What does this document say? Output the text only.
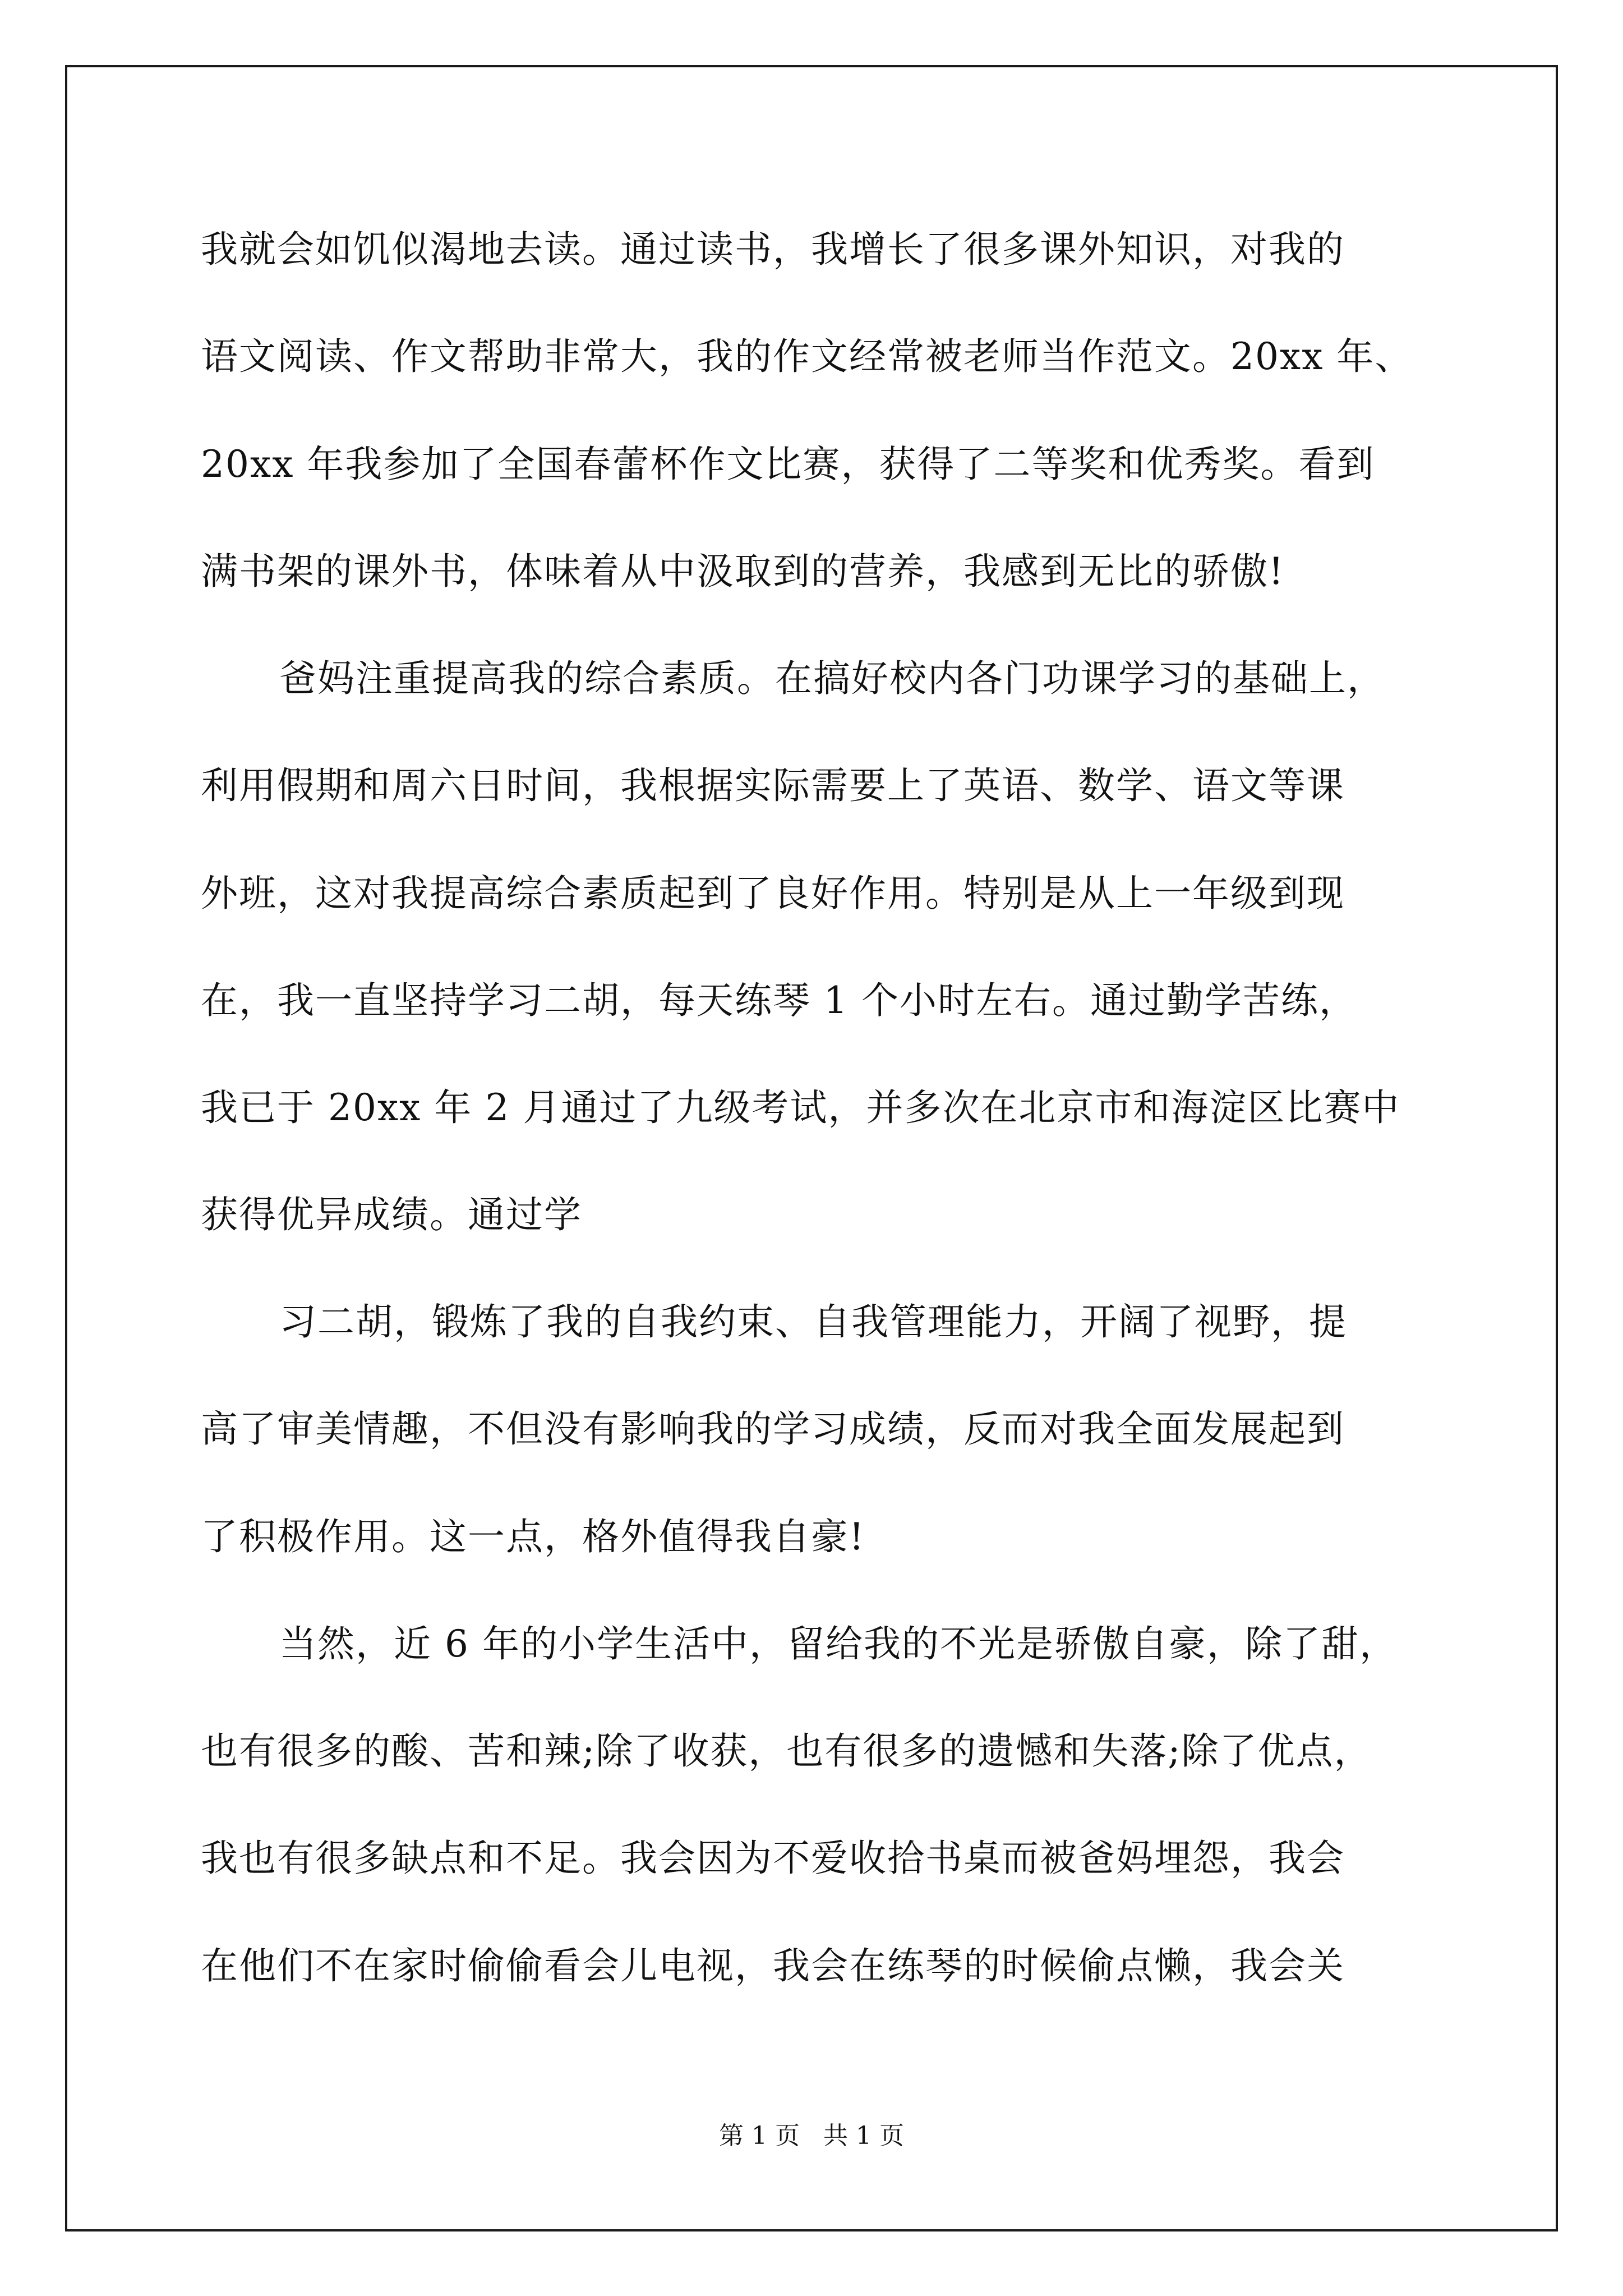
我就会如饥似渴地去读。通过读书，我增长了很多课外知识，对我的
语文阅读、作文帮助非常大，我的作文经常被老师当作范文。20xx 年、
20xx 年我参加了全国春蕾杯作文比赛，获得了二等奖和优秀奖。看到
满书架的课外书，体味着从中汲取到的营养，我感到无比的骄傲!
爸妈注重提高我的综合素质。在搞好校内各门功课学习的基础上，
利用假期和周六日时间，我根据实际需要上了英语、数学、语文等课
外班，这对我提高综合素质起到了良好作用。特别是从上一年级到现
在，我一直坚持学习二胡，每天练琴 1 个小时左右。通过勤学苦练，
我已于 20xx 年 2 月通过了九级考试，并多次在北京市和海淀区比赛中
获得优异成绩。通过学
习二胡，锻炼了我的自我约束、自我管理能力，开阔了视野，提
高了审美情趣，不但没有影响我的学习成绩，反而对我全面发展起到
了积极作用。这一点，格外值得我自豪!
当然，近 6 年的小学生活中，留给我的不光是骄傲自豪，除了甜，
也有很多的酸、苦和辣;除了收获，也有很多的遗憾和失落;除了优点，
我也有很多缺点和不足。我会因为不爱收拾书桌而被爸妈埋怨，我会
在他们不在家时偷偷看会儿电视，我会在练琴的时候偷点懒，我会关
第 1 页   共 1 页
